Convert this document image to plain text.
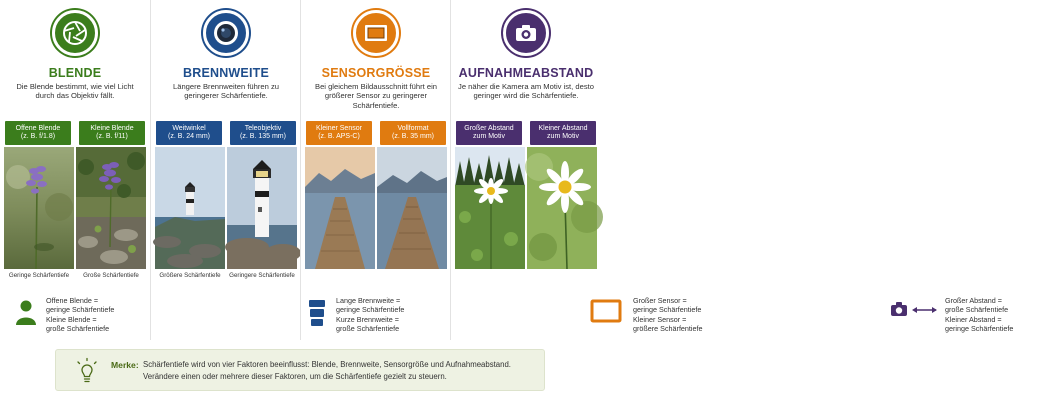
BLENDE
Die Blende bestimmt, wie viel Licht durch das Objektiv fällt.
Offene Blende
(z. B. f/1.8)
Kleine Blende
(z. B. f/11)
Geringe Schärfentiefe	Große Schärfentiefe

Offene Blende =
geringe Schärfentiefe

Kleine Blende =
große Schärfentiefe

BRENNWEITE
Längere Brennweiten führen zu geringerer Schärfentiefe.
Weitwinkel
(z. B. 24 mm)
Teleobjektiv
(z. B. 135 mm)
Größere Schärfentiefe	Geringere Schärfentiefe

Lange Brennweite =
geringe Schärfentiefe

Kurze Brennweite =
große Schärfentiefe

SENSORGRÖSSE
Bei gleichem Bildausschnitt führt ein größerer Sensor zu geringerer Schärfentiefe.
Kleiner Sensor
(z. B. APS-C)
Vollformat
(z. B. 35 mm)

Großer Sensor =
geringe Schärfentiefe

Kleiner Sensor =
größere Schärfentiefe

AUFNAHMEABSTAND
Je näher die Kamera am Motiv ist, desto geringer wird die Schärfentiefe.
Großer Abstand
zum Motiv
Kleiner Abstand
zum Motiv

Großer Abstand =
große Schärfentiefe

Kleiner Abstand =
geringe Schärfentiefe

Merke: Schärfentiefe wird von vier Faktoren beeinflusst: Blende, Brennweite, Sensorgröße und Aufnahmeabstand.
Verändere einen oder mehrere dieser Faktoren, um die Schärfentiefe gezielt zu steuern.
